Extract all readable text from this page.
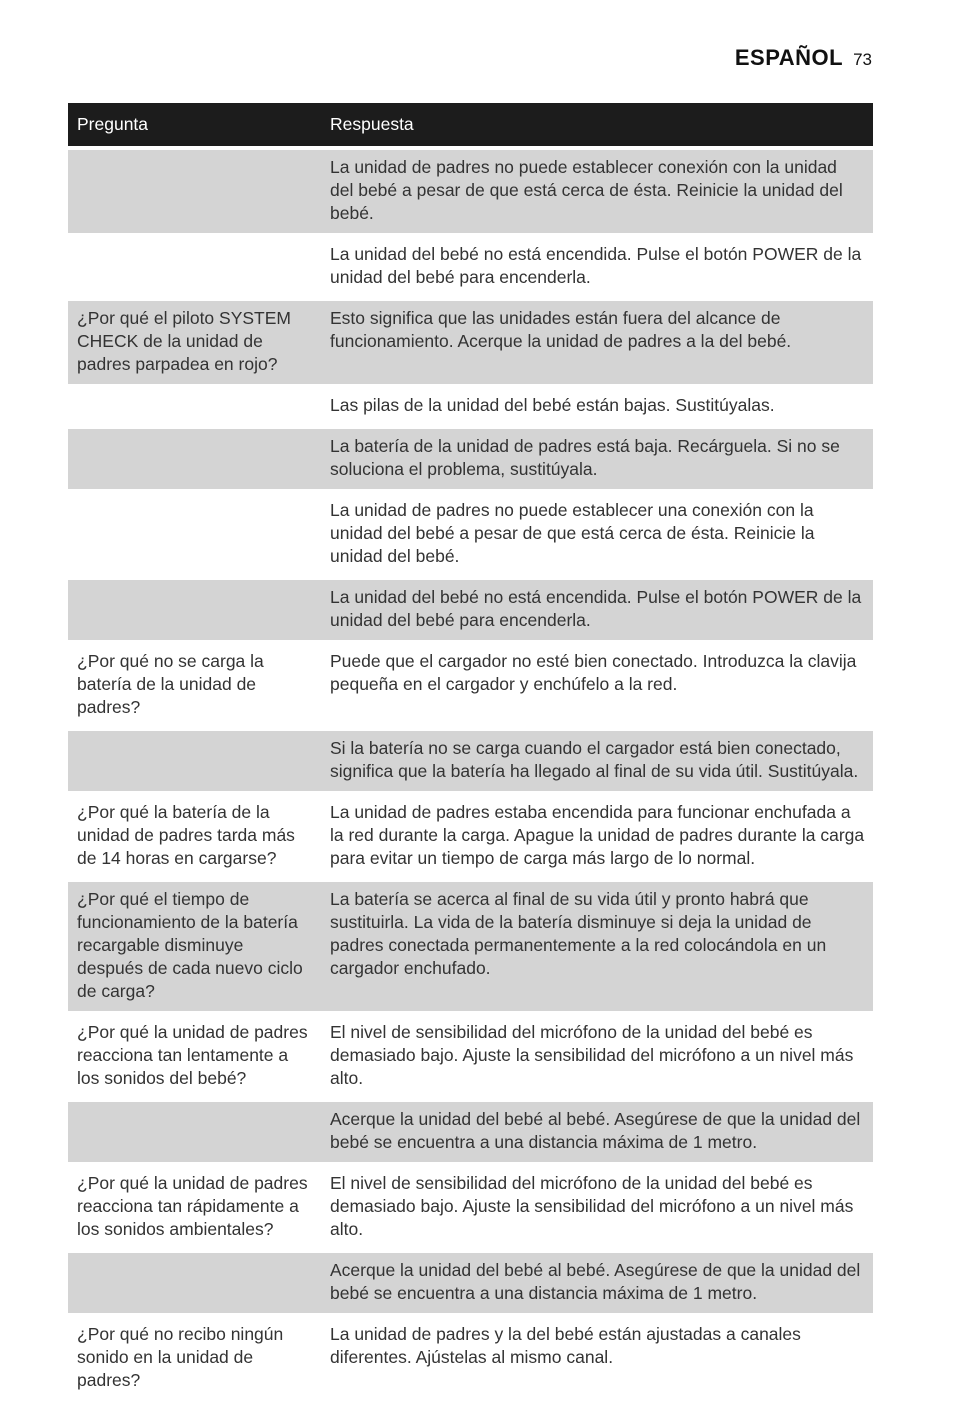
ESPAÑOL 73
Pregunta	Respuesta
	La unidad de padres no puede establecer conexión con la unidad del bebé a pesar de que está cerca de ésta. Reinicie la unidad del bebé.
	La unidad del bebé no está encendida. Pulse el botón POWER de la unidad del bebé para encenderla.
¿Por qué el piloto SYSTEM CHECK de la unidad de padres parpadea en rojo?	Esto significa que las unidades están fuera del alcance de funcionamiento. Acerque la unidad de padres a la del bebé.
	Las pilas de la unidad del bebé están bajas. Sustitúyalas.
	La batería de la unidad de padres está baja. Recárguela. Si no se soluciona el problema, sustitúyala.
	La unidad de padres no puede establecer una conexión con la unidad del bebé a pesar de que está cerca de ésta. Reinicie la unidad del bebé.
	La unidad del bebé no está encendida. Pulse el botón POWER de la unidad del bebé para encenderla.
¿Por qué no se carga la batería de la unidad de padres?	Puede que el cargador no esté bien conectado. Introduzca la clavija pequeña en el cargador y enchúfelo a la red.
	Si la batería no se carga cuando el cargador está bien conectado, significa que la batería ha llegado al final de su vida útil. Sustitúyala.
¿Por qué la batería de la unidad de padres tarda más de 14 horas en cargarse?	La unidad de padres estaba encendida para funcionar enchufada a la red durante la carga. Apague la unidad de padres durante la carga para evitar un tiempo de carga más largo de lo normal.
¿Por qué el tiempo de funcionamiento de la batería recargable disminuye después de cada nuevo ciclo de carga?	La batería se acerca al final de su vida útil y pronto habrá que sustituirla. La vida de la batería disminuye si deja la unidad de padres conectada permanentemente a la red colocándola en un cargador enchufado.
¿Por qué la unidad de padres reacciona tan lentamente a los sonidos del bebé?	El nivel de sensibilidad del micrófono de la unidad del bebé es demasiado bajo. Ajuste la sensibilidad del micrófono a un nivel más alto.
	Acerque la unidad del bebé al bebé. Asegúrese de que la unidad del bebé se encuentra a una distancia máxima de 1 metro.
¿Por qué la unidad de padres reacciona tan rápidamente a los sonidos ambientales?	El nivel de sensibilidad del micrófono de la unidad del bebé es demasiado bajo. Ajuste la sensibilidad del micrófono a un nivel más alto.
	Acerque la unidad del bebé al bebé. Asegúrese de que la unidad del bebé se encuentra a una distancia máxima de 1 metro.
¿Por qué no recibo ningún sonido en la unidad de padres?	La unidad de padres y la del bebé están ajustadas a canales diferentes. Ajústelas al mismo canal.
